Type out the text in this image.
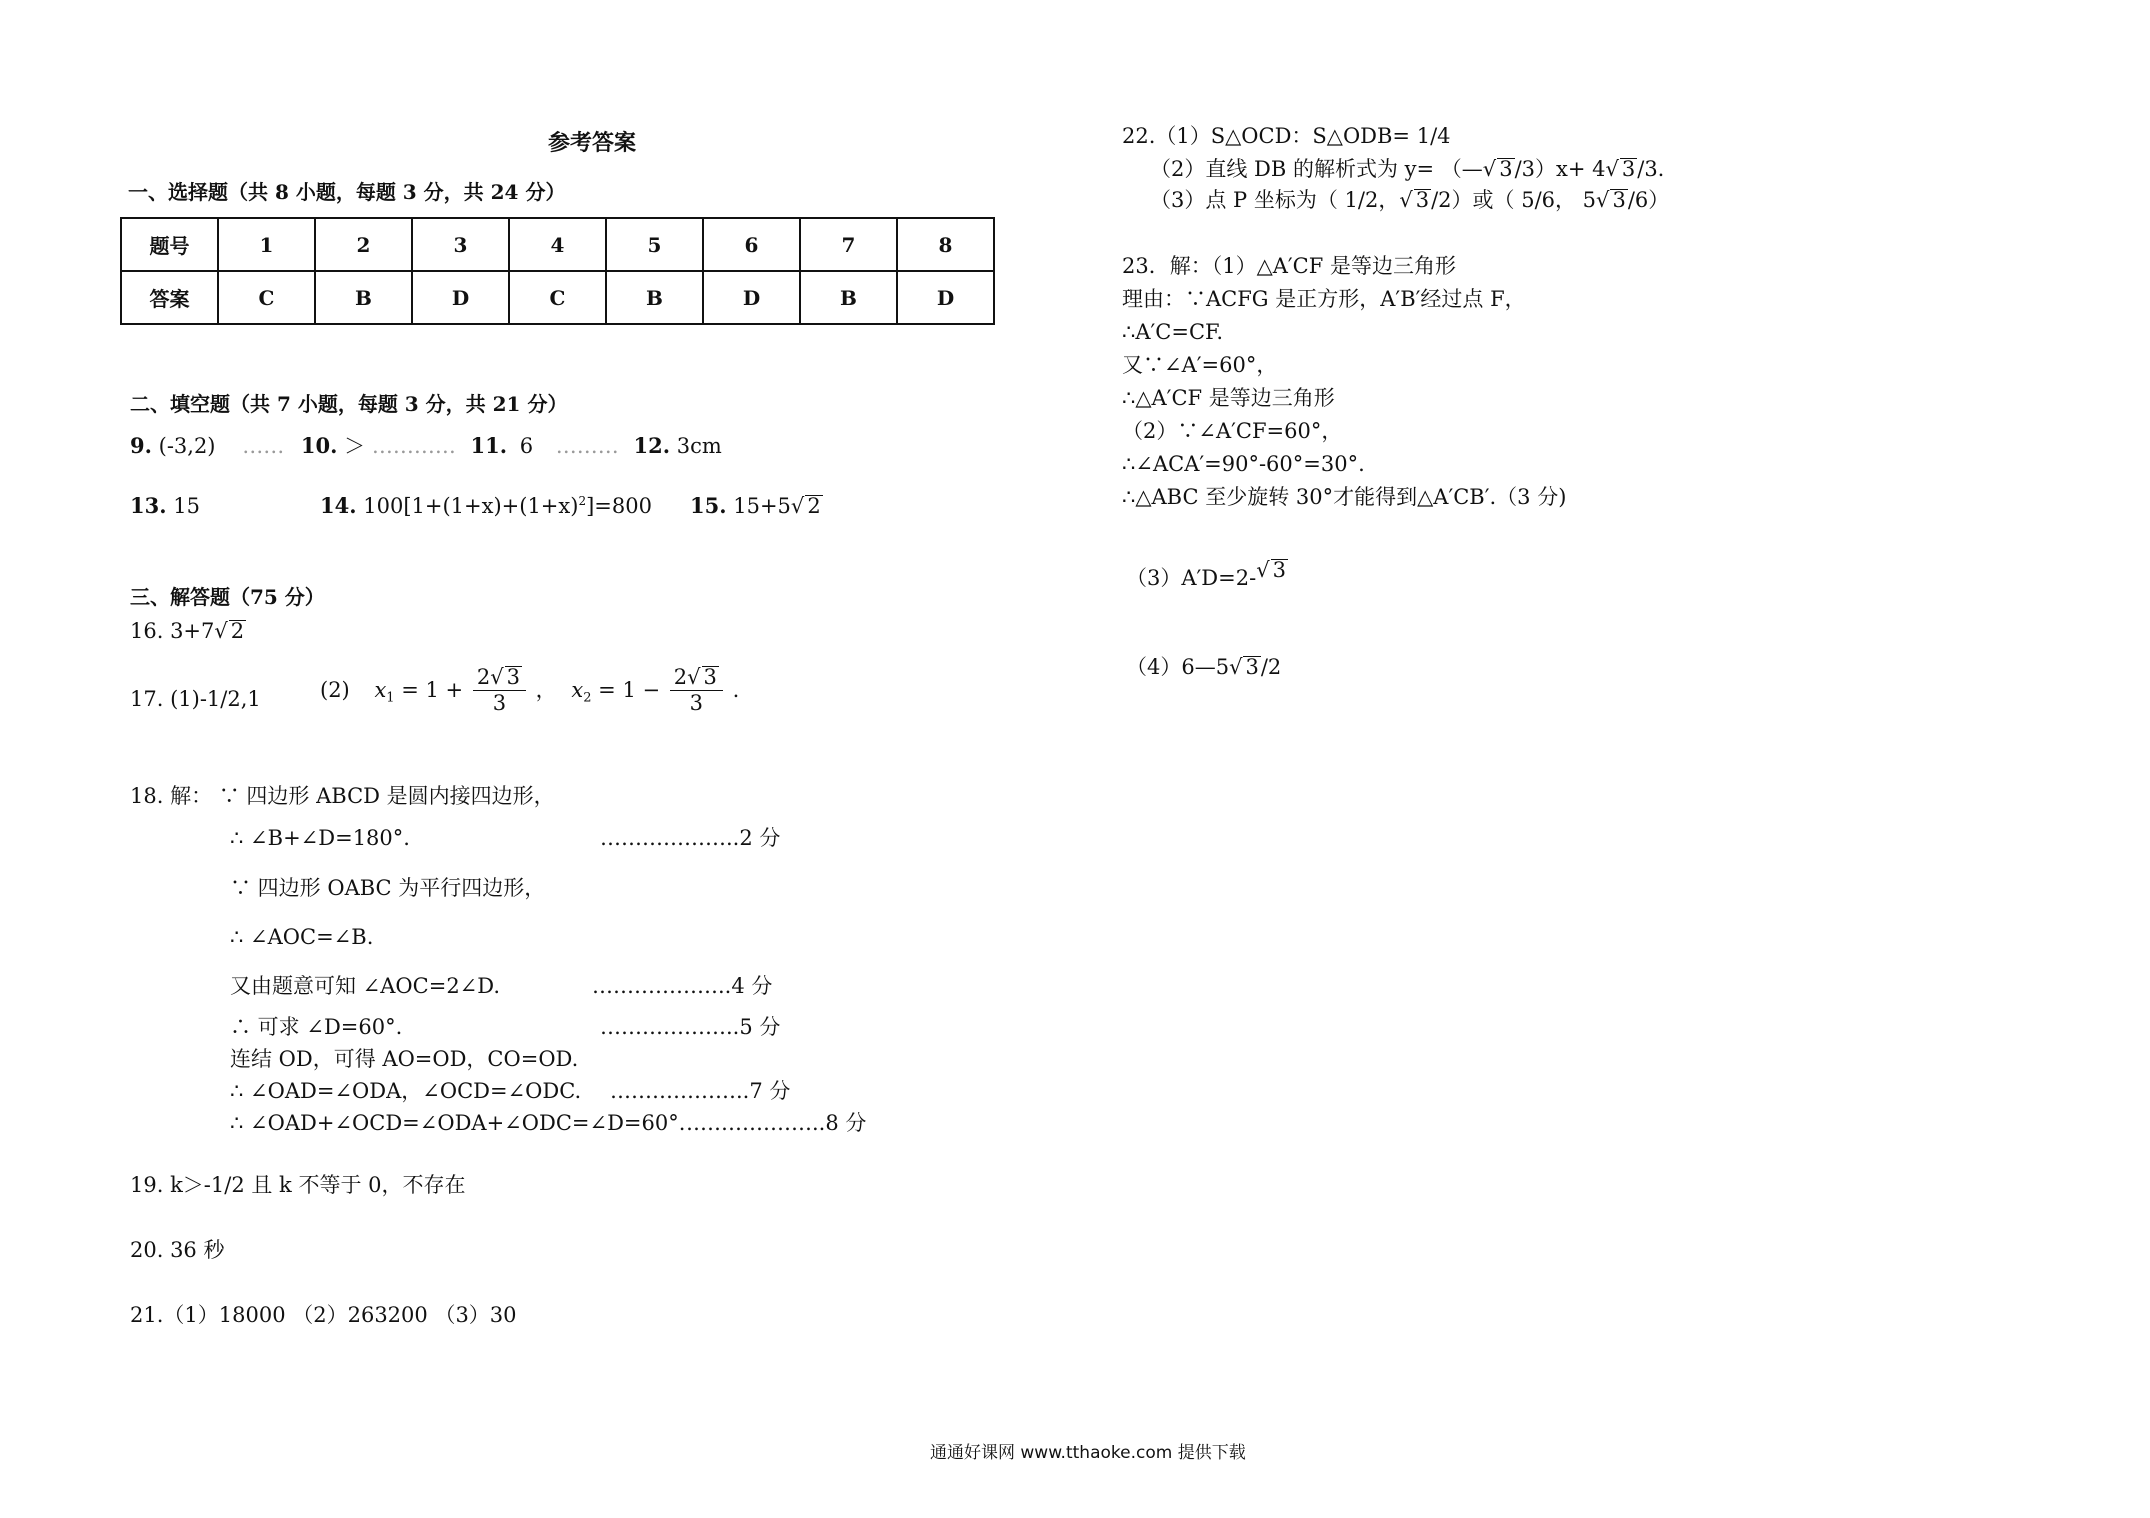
参考答案
一、选择题（共 8 小题，每题 3 分，共 24 分）
题号	1	2	3	4	5	6	7	8
答案	C	B	D	C	B	D	B	D
二、填空题（共 7 小题，每题 3 分，共 21 分）
9. (-3,2) …… 10. ＞ ………… 11. 6 ……… 12. 3cm
13. 15	14. $100[1+(1+x)+(1+x)^2]=800$ 15. 15+5√ 2
三、解答题（75 分）
16. 3+7√ 2
17. (1)-1/2,1	(2) $x_1 = 1 + \frac{2√ 3}{3}$ ， $x_2 = 1 - \frac{2√ 3}{3}$ .
18. 解： ∵ 四边形 ABCD 是圆内接四边形，
∴ ∠B+∠D=180°.	………………..2 分
∵ 四边形 OABC 为平行四边形，
∴ ∠AOC=∠B.
又由题意可知 ∠AOC=2∠D.	………………..4 分
∴ 可求 ∠D=60°.	………………..5 分
连结 OD，可得 AO=OD，CO=OD.
∴ ∠OAD=∠ODA，∠OCD=∠ODC. ………………..7 分
∴ ∠OAD+∠OCD=∠ODA+∠ODC=∠D=60°. ………………..8 分
19. k＞-1/2 且 k 不等于 0，不存在
20. 36 秒
21.（1）18000 （2）263200 （3）30
22.（1）S△OCD：S△ODB= 1/4
（2）直线 DB 的解析式为 y= （—√ 3/3）x+ 4√ 3/3.
（3）点 P 坐标为（ 1/2，√ 3/2）或（ 5/6， 5√ 3/6）
23．解：（1）△A′CF 是等边三角形
理由：∵ACFG 是正方形，A′B′经过点 F，
∴A′C=CF.
又∵∠A′=60°，
∴△A′CF 是等边三角形
（2）∵∠A′CF=60°，
∴∠ACA′=90°-60°=30°.
∴△ABC 至少旋转 30°才能得到△A′CB′.（3 分)
（3）A′D=2-√ 3
（4）6—5√ 3/2
通通好课网 www.tthaoke.com 提供下载
